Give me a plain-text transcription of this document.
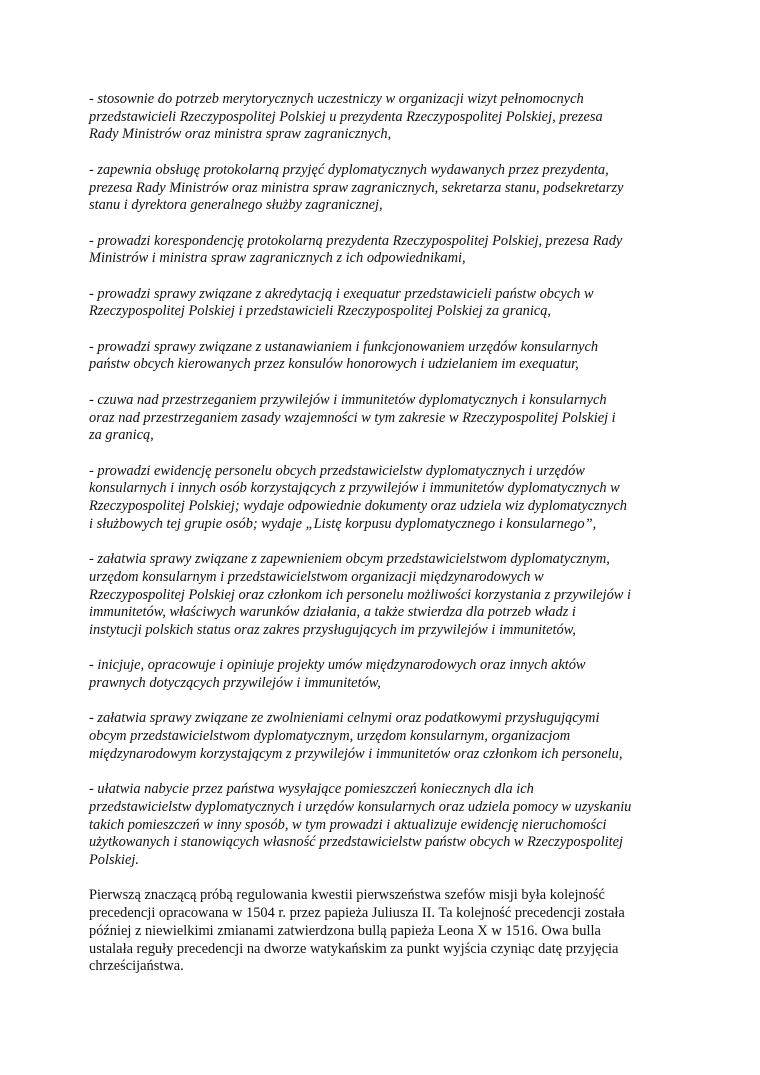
- stosownie do potrzeb merytorycznych uczestniczy w organizacji wizyt pełnomocnych
przedstawicieli Rzeczypospolitej Polskiej u prezydenta Rzeczypospolitej Polskiej, prezesa
Rady Ministrów oraz ministra spraw zagranicznych,

- zapewnia obsługę protokolarną przyjęć dyplomatycznych wydawanych przez prezydenta,
prezesa Rady Ministrów oraz ministra spraw zagranicznych, sekretarza stanu, podsekretarzy
stanu i dyrektora generalnego służby zagranicznej,

- prowadzi korespondencję protokolarną prezydenta Rzeczypospolitej Polskiej, prezesa Rady
Ministrów i ministra spraw zagranicznych z ich odpowiednikami,

- prowadzi sprawy związane z akredytacją i exequatur przedstawicieli państw obcych w
Rzeczypospolitej Polskiej i przedstawicieli Rzeczypospolitej Polskiej za granicą,

- prowadzi sprawy związane z ustanawianiem i funkcjonowaniem urzędów konsularnych
państw obcych kierowanych przez konsulów honorowych i udzielaniem im exequatur,

- czuwa nad przestrzeganiem przywilejów i immunitetów dyplomatycznych i konsularnych
oraz nad przestrzeganiem zasady wzajemności w tym zakresie w Rzeczypospolitej Polskiej i
za granicą,

- prowadzi ewidencję personelu obcych przedstawicielstw dyplomatycznych i urzędów
konsularnych i innych osób korzystających z przywilejów i immunitetów dyplomatycznych w
Rzeczypospolitej Polskiej; wydaje odpowiednie dokumenty oraz udziela wiz dyplomatycznych
i służbowych tej grupie osób; wydaje „Listę korpusu dyplomatycznego i konsularnego”,

- załatwia sprawy związane z zapewnieniem obcym przedstawicielstwom dyplomatycznym,
urzędom konsularnym i przedstawicielstwom organizacji międzynarodowych w
Rzeczypospolitej Polskiej oraz członkom ich personelu możliwości korzystania z przywilejów i
immunitetów, właściwych warunków działania, a także stwierdza dla potrzeb władz i
instytucji polskich status oraz zakres przysługujących im przywilejów i immunitetów,

- inicjuje, opracowuje i opiniuje projekty umów międzynarodowych oraz innych aktów
prawnych dotyczących przywilejów i immunitetów,

- załatwia sprawy związane ze zwolnieniami celnymi oraz podatkowymi przysługującymi
obcym przedstawicielstwom dyplomatycznym, urzędom konsularnym, organizacjom
międzynarodowym korzystającym z przywilejów i immunitetów oraz członkom ich personelu,

- ułatwia nabycie przez państwa wysyłające pomieszczeń koniecznych dla ich
przedstawicielstw dyplomatycznych i urzędów konsularnych oraz udziela pomocy w uzyskaniu
takich pomieszczeń w inny sposób, w tym prowadzi i aktualizuje ewidencję nieruchomości
użytkowanych i stanowiących własność przedstawicielstw państw obcych w Rzeczypospolitej
Polskiej.

Pierwszą znaczącą próbą regulowania kwestii pierwszeństwa szefów misji była kolejność
precedencji opracowana w 1504 r. przez papieża Juliusza II. Ta kolejność precedencji została
później z niewielkimi zmianami zatwierdzona bullą papieża Leona X w 1516. Owa bulla
ustalała reguły precedencji na dworze watykańskim za punkt wyjścia czyniąc datę przyjęcia
chrześcijaństwa.
